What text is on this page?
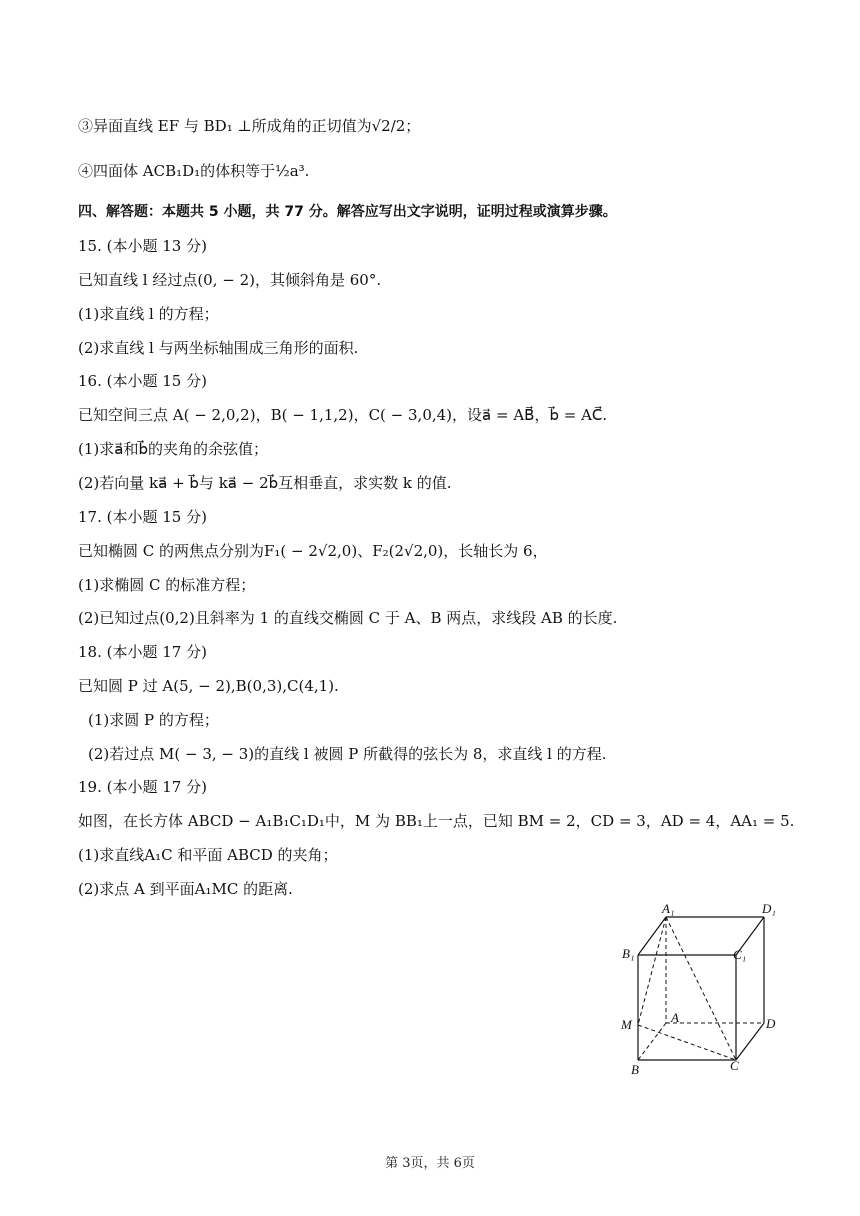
③异面直线 EF 与 BD₁ ⊥所成角的正切值为√2/2；
④四面体 ACB₁D₁的体积等于½a³.
四、解答题：本题共 5 小题，共 77 分。解答应写出文字说明，证明过程或演算步骤。
15. (本小题 13 分)
已知直线 l 经过点(0, − 2)，其倾斜角是 60°.
(1)求直线 l 的方程；
(2)求直线 l 与两坐标轴围成三角形的面积.
16. (本小题 15 分)
已知空间三点 A( − 2,0,2)，B( − 1,1,2)，C( − 3,0,4)，设a⃗ = AB⃗，b⃗ = AC⃗.
(1)求a⃗和b⃗的夹角的余弦值；
(2)若向量 ka⃗ + b⃗与 ka⃗ − 2b⃗互相垂直，求实数 k 的值.
17. (本小题 15 分)
已知椭圆 C 的两焦点分别为F₁( − 2√2,0)、F₂(2√2,0)，长轴长为 6，
(1)求椭圆 C 的标准方程；
(2)已知过点(0,2)且斜率为 1 的直线交椭圆 C 于 A、B 两点，求线段 AB 的长度.
18. (本小题 17 分)
已知圆 P 过 A(5, − 2),B(0,3),C(4,1).
(1)求圆 P 的方程；
(2)若过点 M( − 3, − 3)的直线 l 被圆 P 所截得的弦长为 8，求直线 l 的方程.
19. (本小题 17 分)
如图，在长方体 ABCD − A₁B₁C₁D₁中，M 为 BB₁上一点，已知 BM = 2，CD = 3，AD = 4，AA₁ = 5.
(1)求直线A₁C 和平面 ABCD 的夹角；
(2)求点 A 到平面A₁MC 的距离.
A₁	D₁
B₁	C₁
M	A	D
B	C
第 3页，共 6页
